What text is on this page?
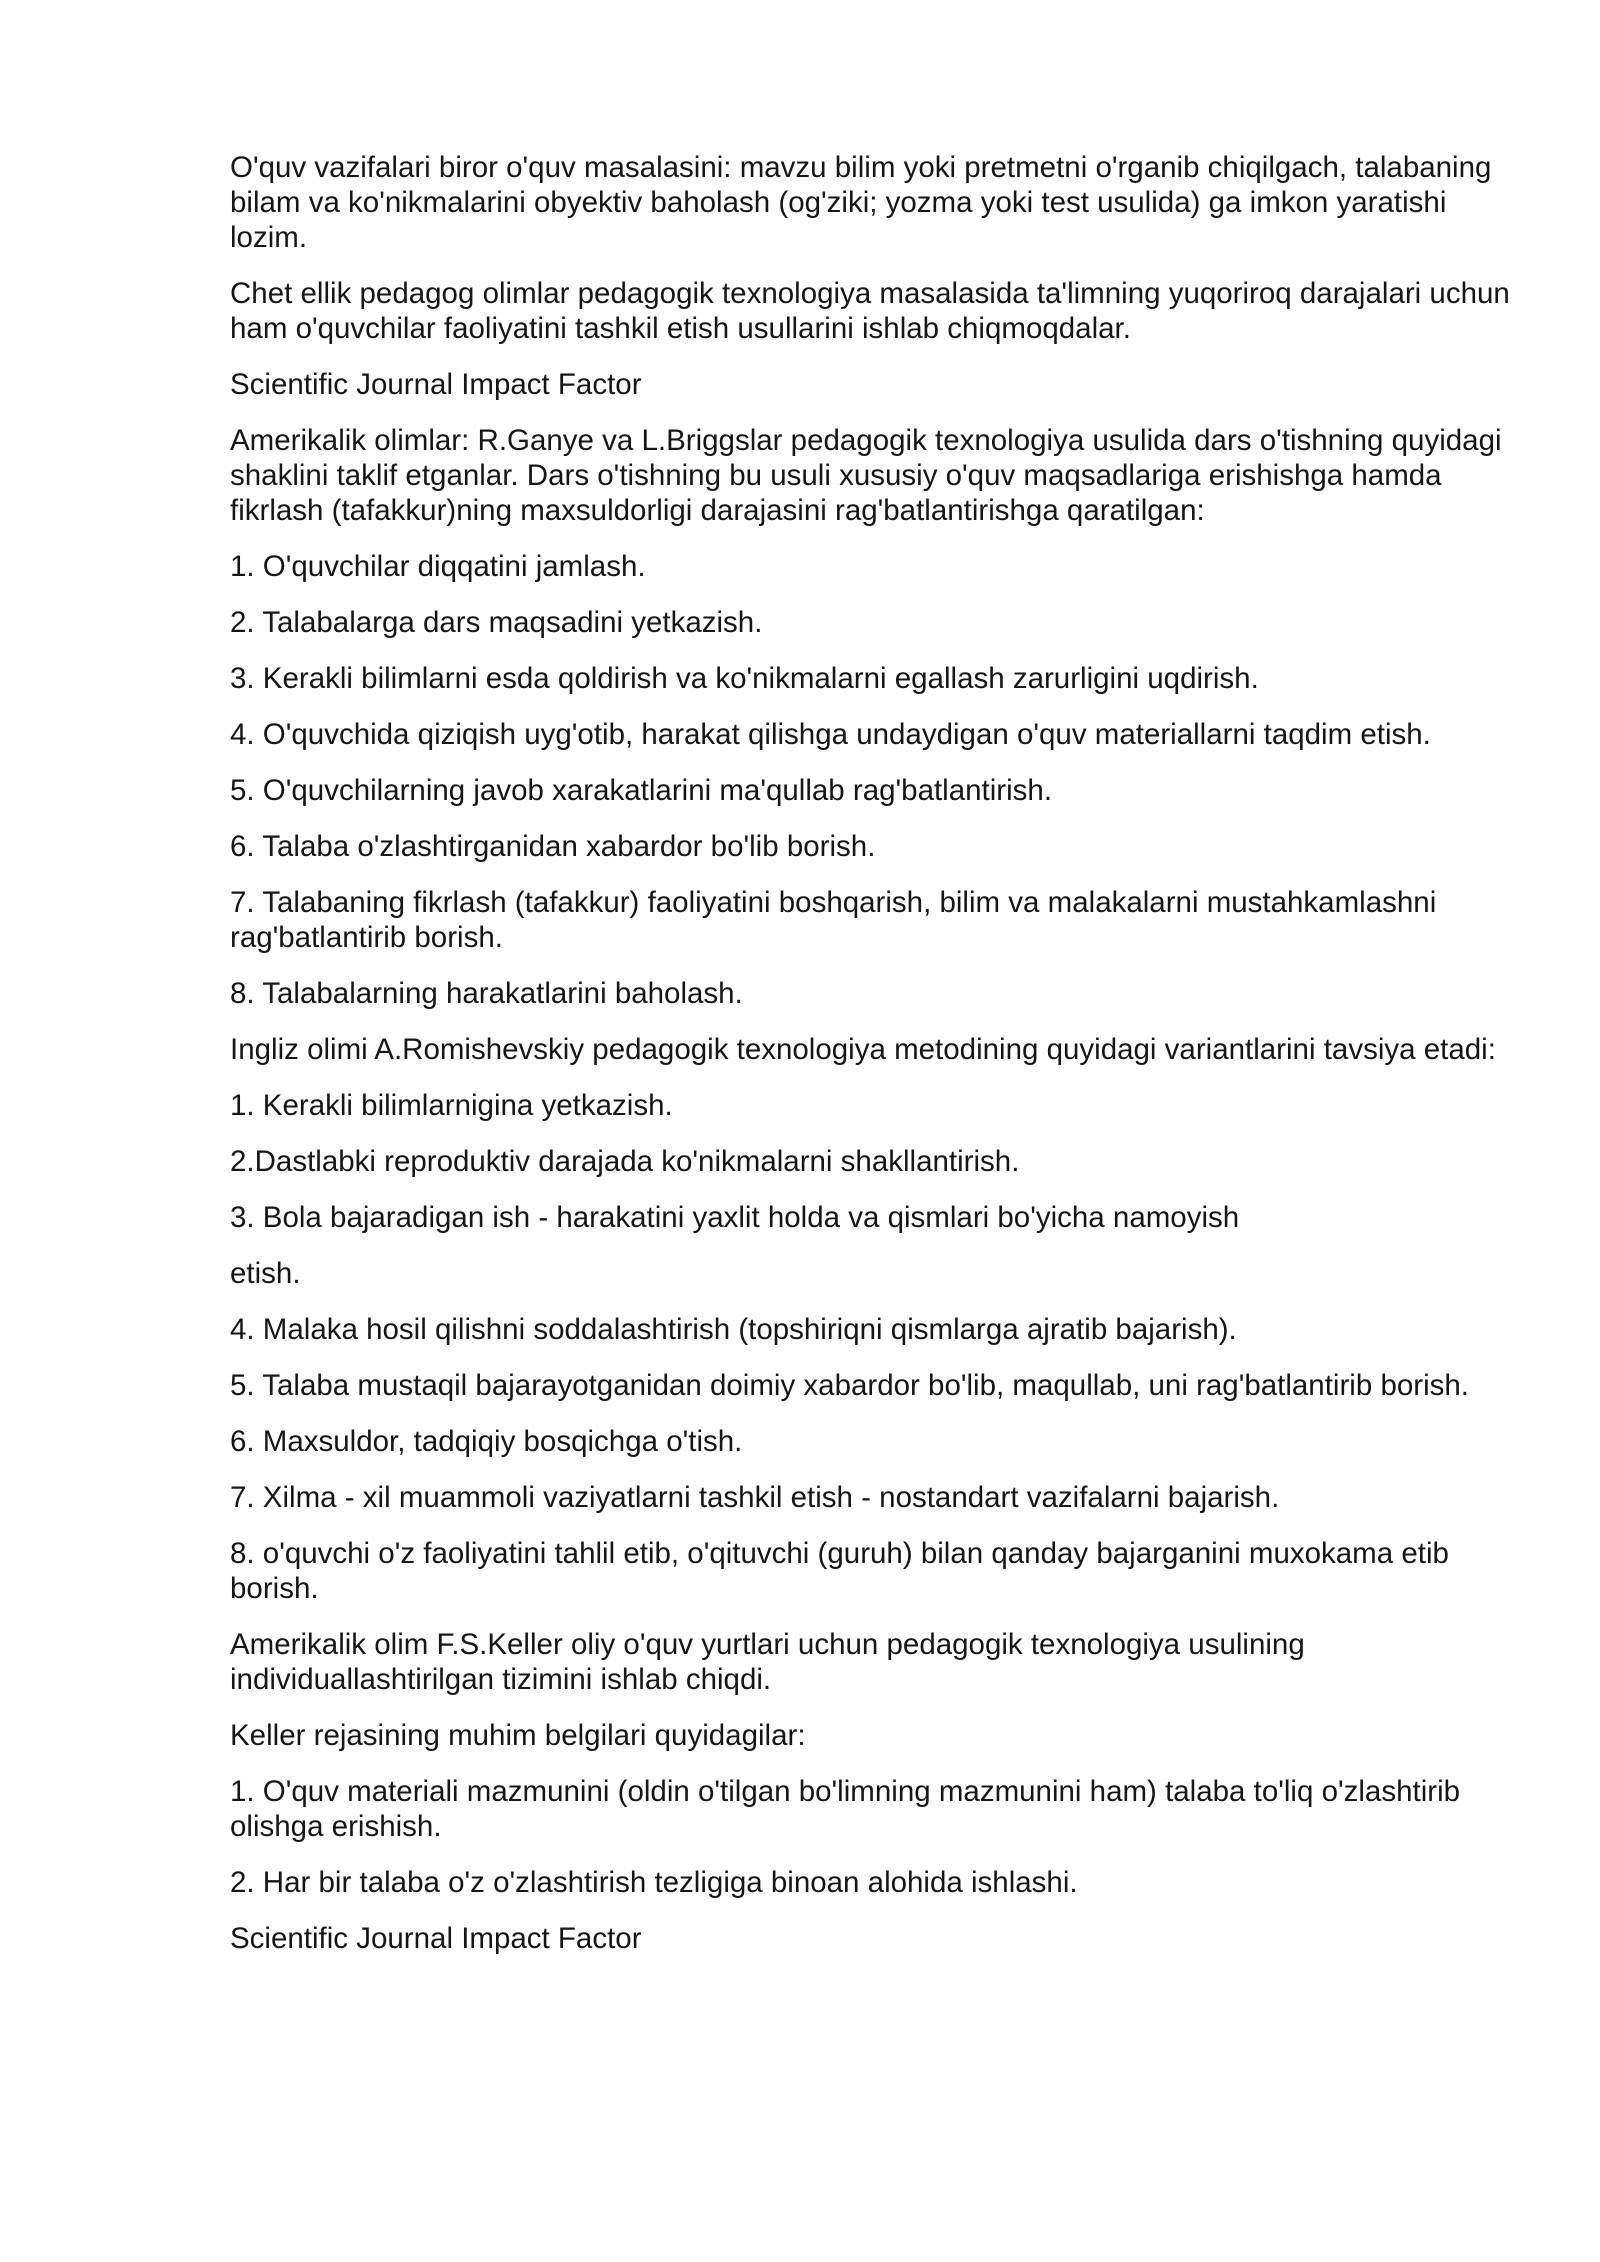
O'quv vazifalari biror o'quv masalasini: mavzu bilim yoki pretmetni o'rganib chiqilgach, talabaning bilam va ko'nikmalarini obyektiv baholash (og'ziki; yozma yoki test usulida) ga imkon yaratishi lozim.

Chet ellik pedagog olimlar pedagogik texnologiya masalasida ta'limning yuqoriroq darajalari uchun ham o'quvchilar faoliyatini tashkil etish usullarini ishlab chiqmoqdalar.

Scientific Journal Impact Factor

Amerikalik olimlar: R.Ganye va L.Briggslar pedagogik texnologiya usulida dars o'tishning quyidagi shaklini taklif etganlar. Dars o'tishning bu usuli xususiy o'quv maqsadlariga erishishga hamda fikrlash (tafakkur)ning maxsuldorligi darajasini rag'batlantirishga qaratilgan:

1. O'quvchilar diqqatini jamlash.

2. Talabalarga dars maqsadini yetkazish.

3. Kerakli bilimlarni esda qoldirish va ko'nikmalarni egallash zarurligini uqdirish.

4. O'quvchida qiziqish uyg'otib, harakat qilishga undaydigan o'quv materiallarni taqdim etish.

5. O'quvchilarning javob xarakatlarini ma'qullab rag'batlantirish.

6. Talaba o'zlashtirganidan xabardor bo'lib borish.

7. Talabaning fikrlash (tafakkur) faoliyatini boshqarish, bilim va malakalarni mustahkamlashni rag'batlantirib borish.

8. Talabalarning harakatlarini baholash.

Ingliz olimi A.Romishevskiy pedagogik texnologiya metodining quyidagi variantlarini tavsiya etadi:

1. Kerakli bilimlarnigina yetkazish.

2.Dastlabki reproduktiv darajada ko'nikmalarni shakllantirish.

3. Bola bajaradigan ish - harakatini yaxlit holda va qismlari bo'yicha namoyish

etish.

4. Malaka hosil qilishni soddalashtirish (topshiriqni qismlarga ajratib bajarish).

5. Talaba mustaqil bajarayotganidan doimiy xabardor bo'lib, maqullab, uni rag'batlantirib borish.

6. Maxsuldor, tadqiqiy bosqichga o'tish.

7. Xilma - xil muammoli vaziyatlarni tashkil etish - nostandart vazifalarni bajarish.

8. o'quvchi o'z faoliyatini tahlil etib, o'qituvchi (guruh) bilan qanday bajarganini muxokama etib borish.

Amerikalik olim F.S.Keller oliy o'quv yurtlari uchun pedagogik texnologiya usulining individuallashtirilgan tizimini ishlab chiqdi.

Keller rejasining muhim belgilari quyidagilar:

1. O'quv materiali mazmunini (oldin o'tilgan bo'limning mazmunini ham) talaba to'liq o'zlashtirib olishga erishish.

2. Har bir talaba o'z o'zlashtirish tezligiga binoan alohida ishlashi.

Scientific Journal Impact Factor
